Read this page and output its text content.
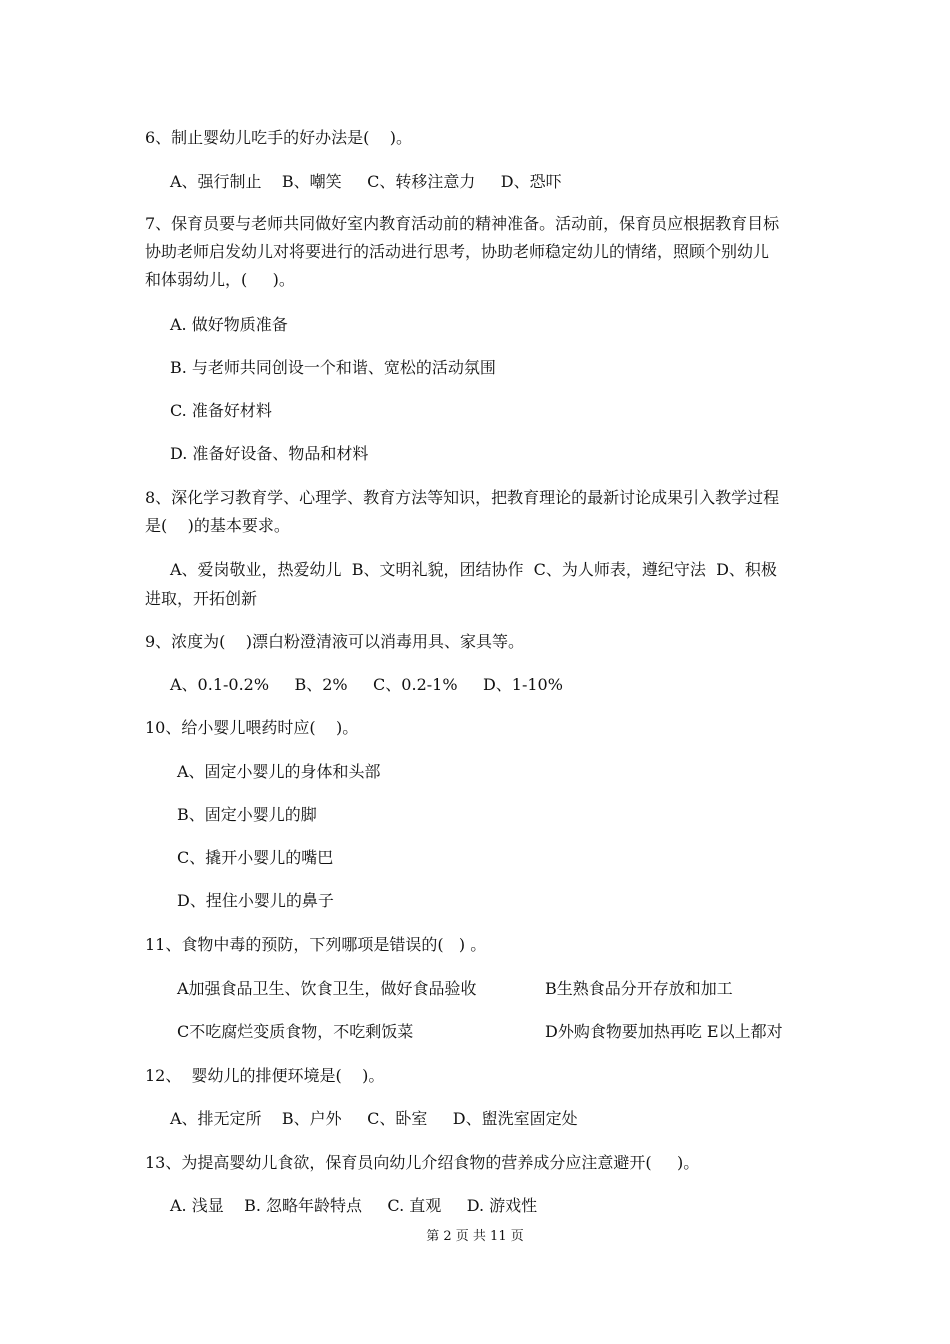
6、制止婴幼儿吃手的好办法是(    )。
A、强行制止    B、嘲笑     C、转移注意力     D、恐吓
7、保育员要与老师共同做好室内教育活动前的精神准备。活动前，保育员应根据教育目标
协助老师启发幼儿对将要进行的活动进行思考，协助老师稳定幼儿的情绪，照顾个别幼儿
和体弱幼儿，(     )。
A. 做好物质准备
B. 与老师共同创设一个和谐、宽松的活动氛围
C. 准备好材料
D. 准备好设备、物品和材料
8、深化学习教育学、心理学、教育方法等知识，把教育理论的最新讨论成果引入教学过程
是(    )的基本要求。
A、爱岗敬业，热爱幼儿  B、文明礼貌，团结协作  C、为人师表，遵纪守法  D、积极
进取，开拓创新
9、浓度为(    )漂白粉澄清液可以消毒用具、家具等。
A、0.1-0.2%     B、2%     C、0.2-1%     D、1-10%
10、给小婴儿喂药时应(    )。
A、固定小婴儿的身体和头部
B、固定小婴儿的脚
C、撬开小婴儿的嘴巴
D、捏住小婴儿的鼻子
11、食物中毒的预防，下列哪项是错误的(   ) 。
A加强食品卫生、饮食卫生，做好食品验收	B生熟食品分开存放和加工
C不吃腐烂变质食物，不吃剩饭菜	D外购食物要加热再吃 E以上都对
12、  婴幼儿的排便环境是(    )。
A、排无定所    B、户外     C、卧室     D、盥洗室固定处
13、为提高婴幼儿食欲，保育员向幼儿介绍食物的营养成分应注意避开(     )。
A. 浅显    B. 忽略年龄特点     C. 直观     D. 游戏性
第 2 页 共 11 页
